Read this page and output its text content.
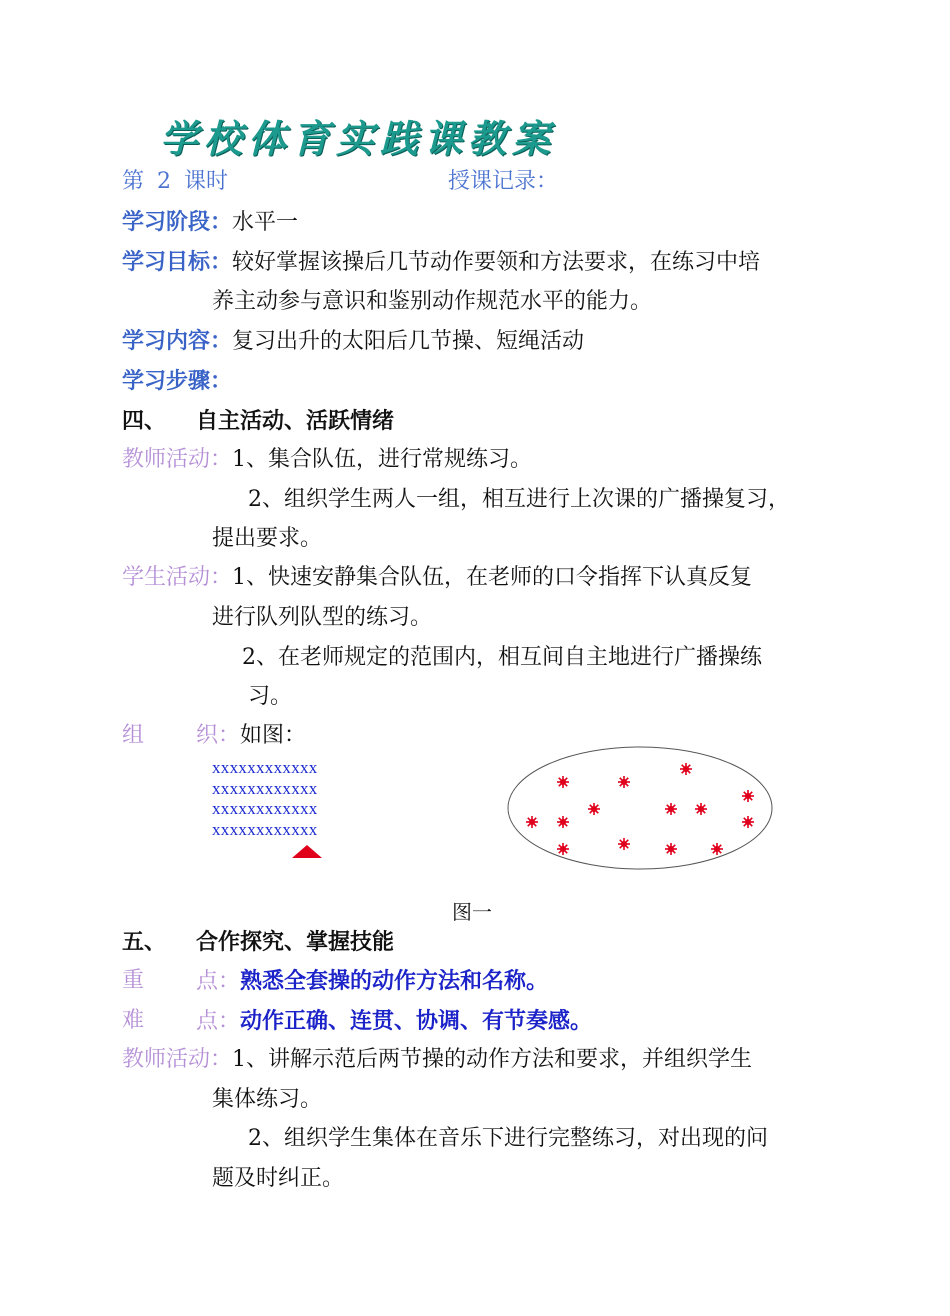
学校体育实践课教案
第 2 课时	授课记录：
学习阶段：水平一
学习目标：较好掌握该操后几节动作要领和方法要求，在练习中培
养主动参与意识和鉴别动作规范水平的能力。
学习内容：复习出升的太阳后几节操、短绳活动
学习步骤：
四、 自主活动、活跃情绪
教师活动：1、集合队伍，进行常规练习。
2、组织学生两人一组，相互进行上次课的广播操复习，
提出要求。
学生活动：1、快速安静集合队伍，在老师的口令指挥下认真反复
进行队列队型的练习。
2、在老师规定的范围内，相互间自主地进行广播操练
习。
组 织：如图：
xxxxxxxxxxxx
xxxxxxxxxxxx
xxxxxxxxxxxx
xxxxxxxxxxxx
图一
五、 合作探究、掌握技能
重 点：熟悉全套操的动作方法和名称。
难 点：动作正确、连贯、协调、有节奏感。
教师活动：1、讲解示范后两节操的动作方法和要求，并组织学生
集体练习。
2、组织学生集体在音乐下进行完整练习，对出现的问
题及时纠正。
